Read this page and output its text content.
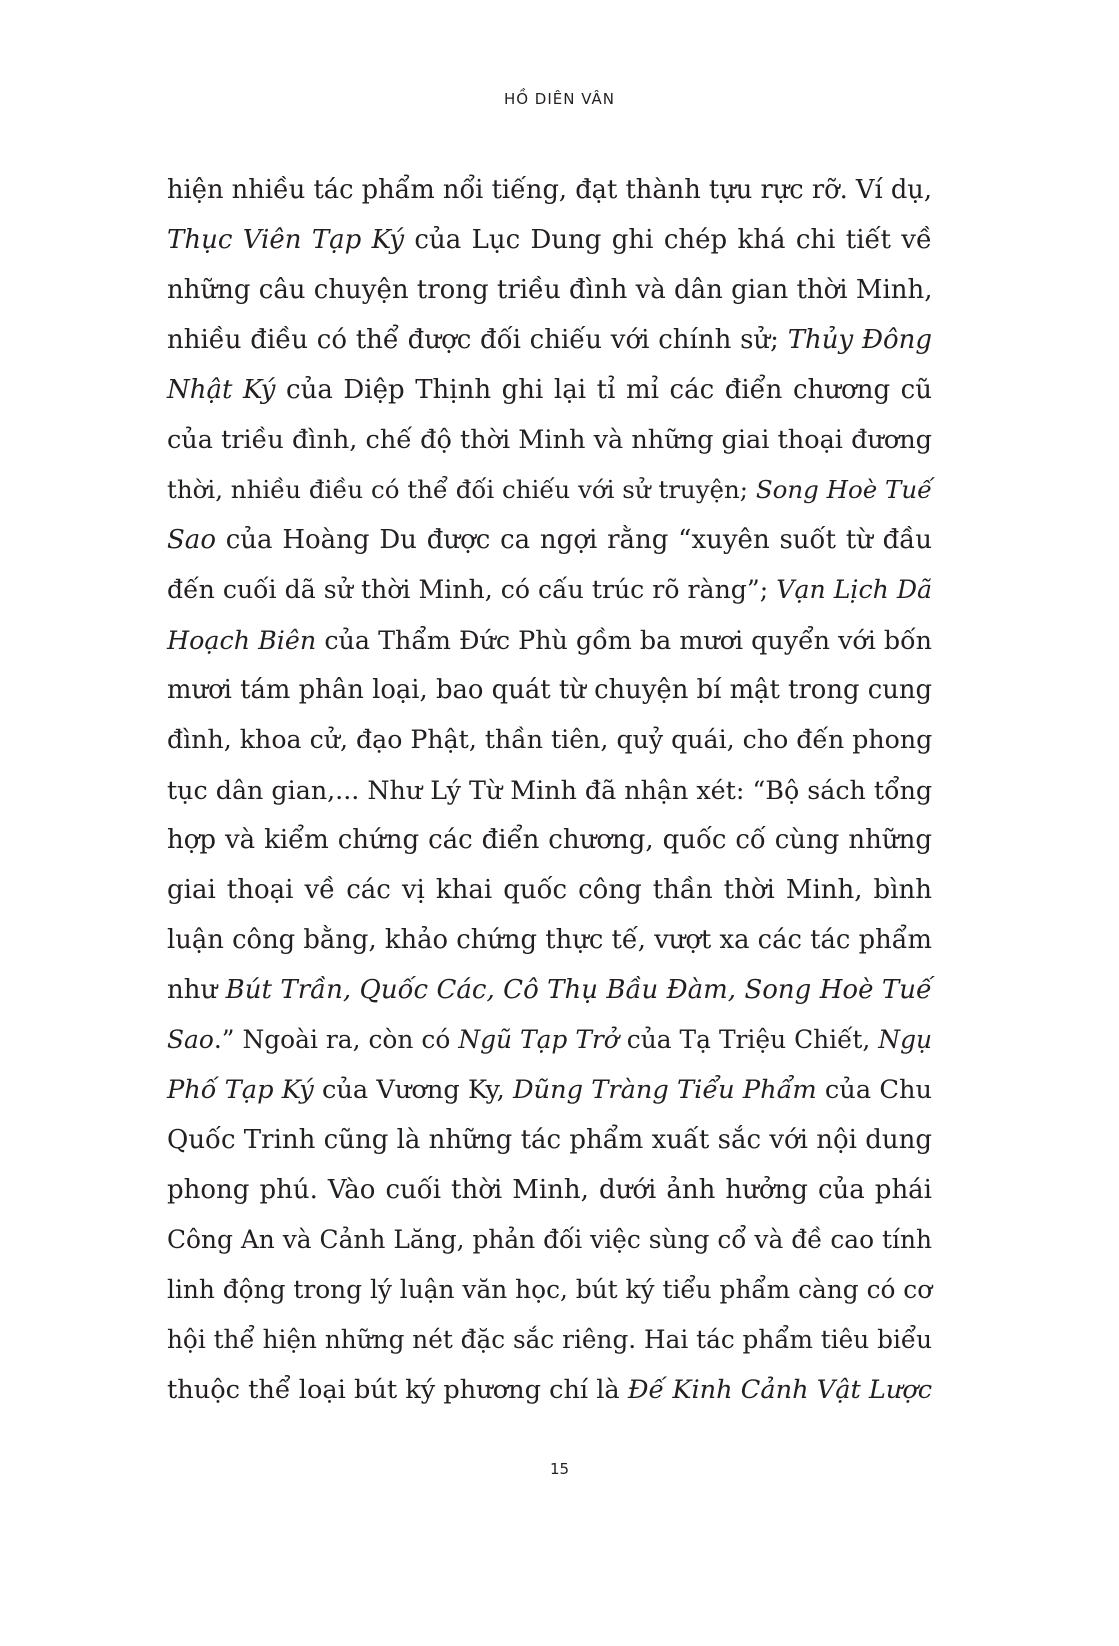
HỒ DIÊN VÂN
hiện nhiều tác phẩm nổi tiếng, đạt thành tựu rực rỡ. Ví dụ,
Thục Viên Tạp Ký của Lục Dung ghi chép khá chi tiết về
những câu chuyện trong triều đình và dân gian thời Minh,
nhiều điều có thể được đối chiếu với chính sử; Thủy Đông
Nhật Ký của Diệp Thịnh ghi lại tỉ mỉ các điển chương cũ
của triều đình, chế độ thời Minh và những giai thoại đương
thời, nhiều điều có thể đối chiếu với sử truyện; Song Hoè Tuế
Sao của Hoàng Du được ca ngợi rằng “xuyên suốt từ đầu
đến cuối dã sử thời Minh, có cấu trúc rõ ràng”; Vạn Lịch Dã
Hoạch Biên của Thẩm Đức Phù gồm ba mươi quyển với bốn
mươi tám phân loại, bao quát từ chuyện bí mật trong cung
đình, khoa cử, đạo Phật, thần tiên, quỷ quái, cho đến phong
tục dân gian,... Như Lý Từ Minh đã nhận xét: “Bộ sách tổng
hợp và kiểm chứng các điển chương, quốc cố cùng những
giai thoại về các vị khai quốc công thần thời Minh, bình
luận công bằng, khảo chứng thực tế, vượt xa các tác phẩm
như Bút Trần, Quốc Các, Cô Thụ Bầu Đàm, Song Hoè Tuế
Sao.” Ngoài ra, còn có Ngũ Tạp Trở của Tạ Triệu Chiết, Ngụ
Phố Tạp Ký của Vương Ky, Dũng Tràng Tiểu Phẩm của Chu
Quốc Trinh cũng là những tác phẩm xuất sắc với nội dung
phong phú. Vào cuối thời Minh, dưới ảnh hưởng của phái
Công An và Cảnh Lăng, phản đối việc sùng cổ và đề cao tính
linh động trong lý luận văn học, bút ký tiểu phẩm càng có cơ
hội thể hiện những nét đặc sắc riêng. Hai tác phẩm tiêu biểu
thuộc thể loại bút ký phương chí là Đế Kinh Cảnh Vật Lược
15
